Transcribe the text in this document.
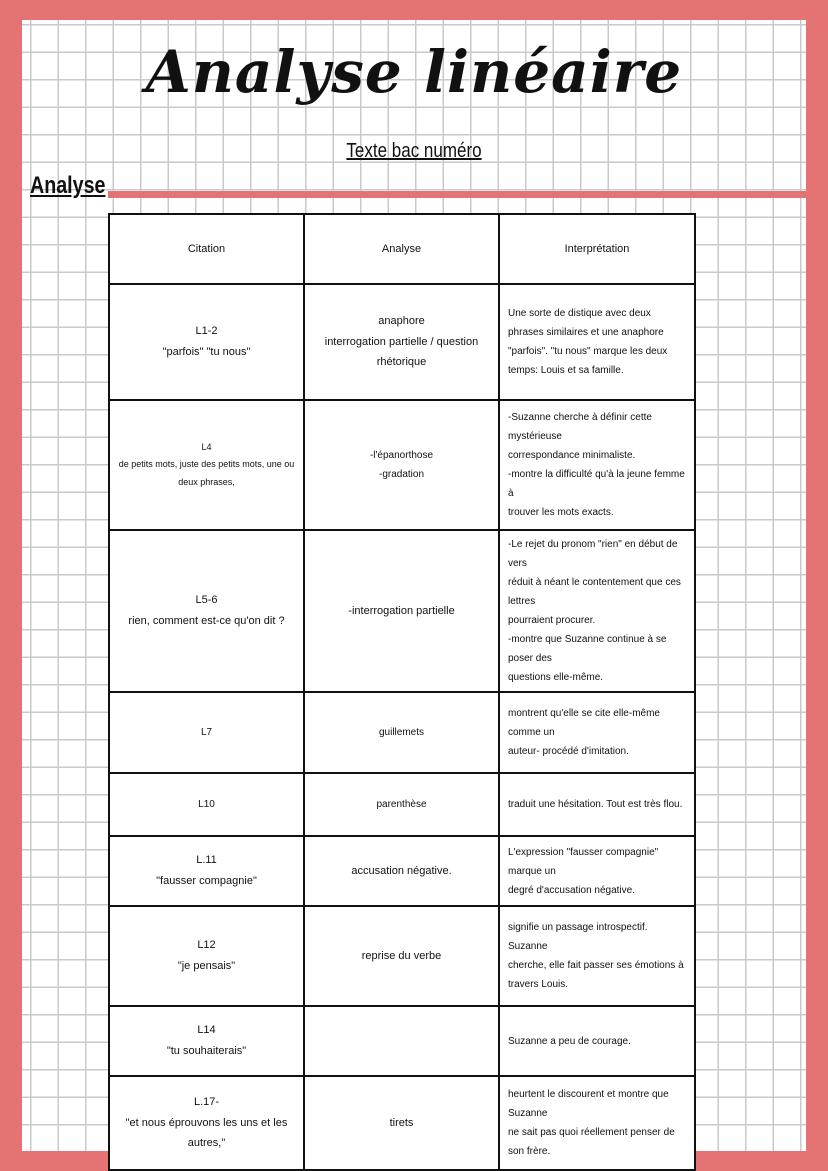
Analyse linéaire
Texte bac numéro
Analyse
Citation	Analyse	Interprétation

L1-2
"parfois" "tu nous"	anaphore
interrogation partielle / question
rhétorique	Une sorte de distique avec deux
phrases similaires et une anaphore
"parfois". "tu nous" marque les deux
temps: Louis et sa famille.

L4
de petits mots, juste des petits mots, une ou
deux phrases,	-l'épanorthose
-gradation	-Suzanne cherche à définir cette mystérieuse
correspondance minimaliste.
-montre la difficulté qu'à la jeune femme à
trouver les mots exacts.

L5-6
rien, comment est-ce qu'on dit ?	-interrogation partielle	-Le rejet du pronom "rien" en début de vers
réduit à néant le contentement que ces lettres
pourraient procurer.
-montre que Suzanne continue à se poser des
questions elle-même.

L7	guillemets	montrent qu'elle se cite elle-même comme un
auteur- procédé d'imitation.

L10	parenthèse	traduit une hésitation. Tout est très flou.

L.11
"fausser compagnie"	accusation négative.	L'expression "fausser compagnie" marque un
degré d'accusation négative.

L12
"je pensais"	reprise du verbe	signifie un passage introspectif. Suzanne
cherche, elle fait passer ses émotions à
travers Louis.

L14
"tu souhaiterais"		Suzanne a peu de courage.

L.17-
"et nous éprouvons les uns et les
autres,"	tirets	heurtent le discourent et montre que Suzanne
ne sait pas quoi réellement penser de son frère.
